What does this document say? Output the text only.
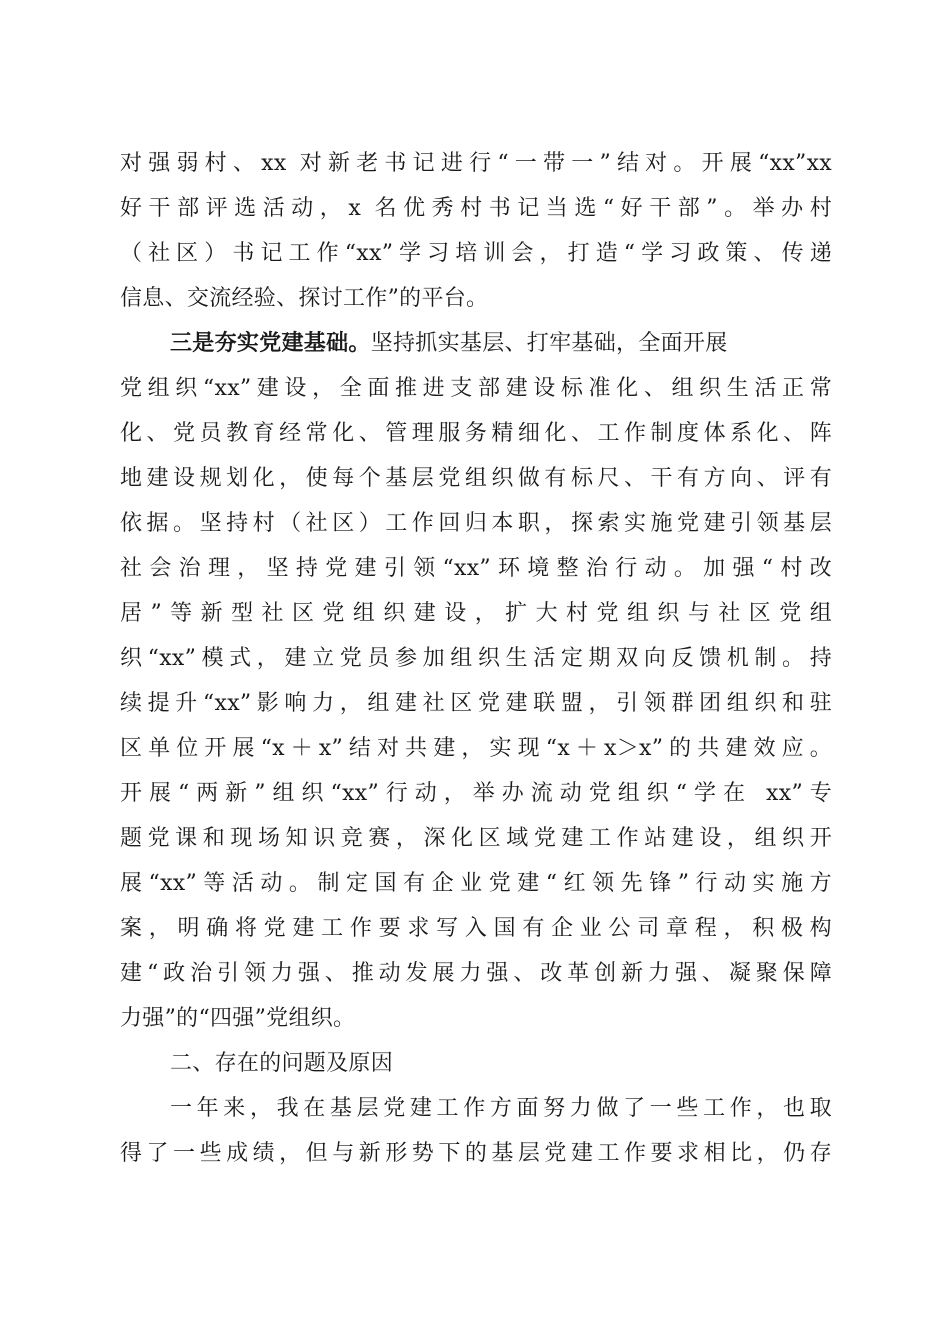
对强弱村、xx 对新老书记进行“一带一”结对。开展“xx”xx
好干部评选活动，x 名优秀村书记当选“好干部”。举办村
（社区）书记工作“xx”学习培训会，打造“学习政策、传递
信息、交流经验、探讨工作”的平台。
三是夯实党建基础。坚持抓实基层、打牢基础，全面开展
党组织“xx”建设，全面推进支部建设标准化、组织生活正常
化、党员教育经常化、管理服务精细化、工作制度体系化、阵
地建设规划化，使每个基层党组织做有标尺、干有方向、评有
依据。坚持村（社区）工作回归本职，探索实施党建引领基层
社会治理，坚持党建引领“xx”环境整治行动。加强“村改
居”等新型社区党组织建设，扩大村党组织与社区党组
织“xx”模式，建立党员参加组织生活定期双向反馈机制。持
续提升“xx”影响力，组建社区党建联盟，引领群团组织和驻
区单位开展“x＋x”结对共建，实现“x＋x＞x”的共建效应。
开展“两新”组织“xx”行动，举办流动党组织“学在 xx”专
题党课和现场知识竞赛，深化区域党建工作站建设，组织开
展“xx”等活动。制定国有企业党建“红领先锋”行动实施方
案，明确将党建工作要求写入国有企业公司章程，积极构
建“政治引领力强、推动发展力强、改革创新力强、凝聚保障
力强”的“四强”党组织。
二、存在的问题及原因
一年来，我在基层党建工作方面努力做了一些工作，也取
得了一些成绩，但与新形势下的基层党建工作要求相比，仍存
